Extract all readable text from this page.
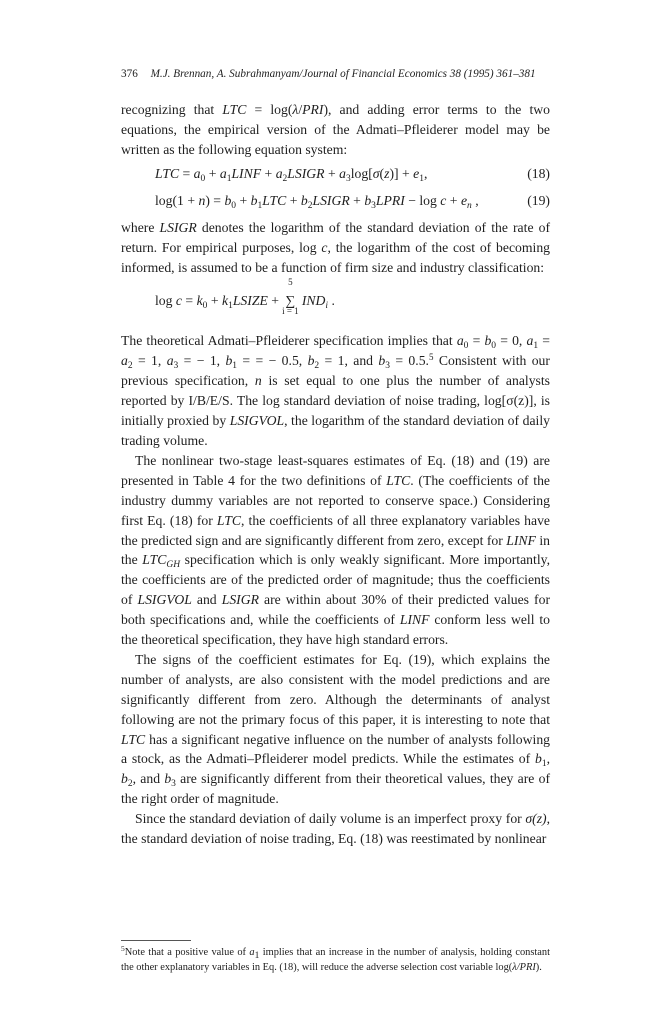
376 M.J. Brennan, A. Subrahmanyam/Journal of Financial Economics 38 (1995) 361–381

recognizing that LTC = log(λ/PRI), and adding error terms to the two equations, the empirical version of the Admati–Pfleiderer model may be written as the following equation system:

LTC = $a_0$ + $a_1LINF$ + $a_2LSIGR + a_3\log[\sigma(z)] + e_1$,	(18)
$\log(1 + n) = b_0 + b_1LTC$ + $b_2LSIGR$ + $b_3LPRI - \log c + e_n$ ,	(19)

where LSIGR denotes the logarithm of the standard deviation of the rate of return. For empirical purposes, log c, the logarithm of the cost of becoming informed, is assumed to be a function of firm size and industry classification:

$\log c = k_0$ + $k_1LSIZE$ +
5
∑
i = 1
$IND_i$ .

The theoretical Admati–Pfleiderer specification implies that $a_0 = b_0 = 0$, $a_1 = a_2 = 1$, $a_3$ = − 1, $b_1$ = = − 0.5, $b_2 = 1$, and $b_3 = 0.5.^5$ Consistent with our previous specification, n is set equal to one plus the number of analysts reported by I/B/E/S. The log standard deviation of noise trading, log[σ(z)], is initially proxied by LSIGVOL, the logarithm of the standard deviation of daily trading volume.

The nonlinear two-stage least-squares estimates of Eq. (18) and (19) are presented in Table 4 for the two definitions of LTC. (The coefficients of the industry dummy variables are not reported to conserve space.) Considering first Eq. (18) for LTC, the coefficients of all three explanatory variables have the predicted sign and are significantly different from zero, except for LINF in the $LTC_{GH}$ specification which is only weakly significant. More importantly, the coefficients are of the predicted order of magnitude; thus the coefficients of LSIGVOL and LSIGR are within about 30% of their predicted values for both specifications and, while the coefficients of LINF conform less well to the theoretical specification, they have high standard errors.

The signs of the coefficient estimates for Eq. (19), which explains the number of analysts, are also consistent with the model predictions and are significantly different from zero. Although the determinants of analyst following are not the primary focus of this paper, it is interesting to note that LTC has a significant negative influence on the number of analysts following a stock, as the Admati–Pfleiderer model predicts. While the estimates of $b_1$, $b_2$, and $b_3$ are significantly different from their theoretical values, they are of the right order of magnitude.

Since the standard deviation of daily volume is an imperfect proxy for σ(z), the standard deviation of noise trading, Eq. (18) was reestimated by nonlinear

$^5$Note that a positive value of $a_1$ implies that an increase in the number of analysis, holding constant the other explanatory variables in Eq. (18), will reduce the adverse selection cost variable log(λ/PRI).
